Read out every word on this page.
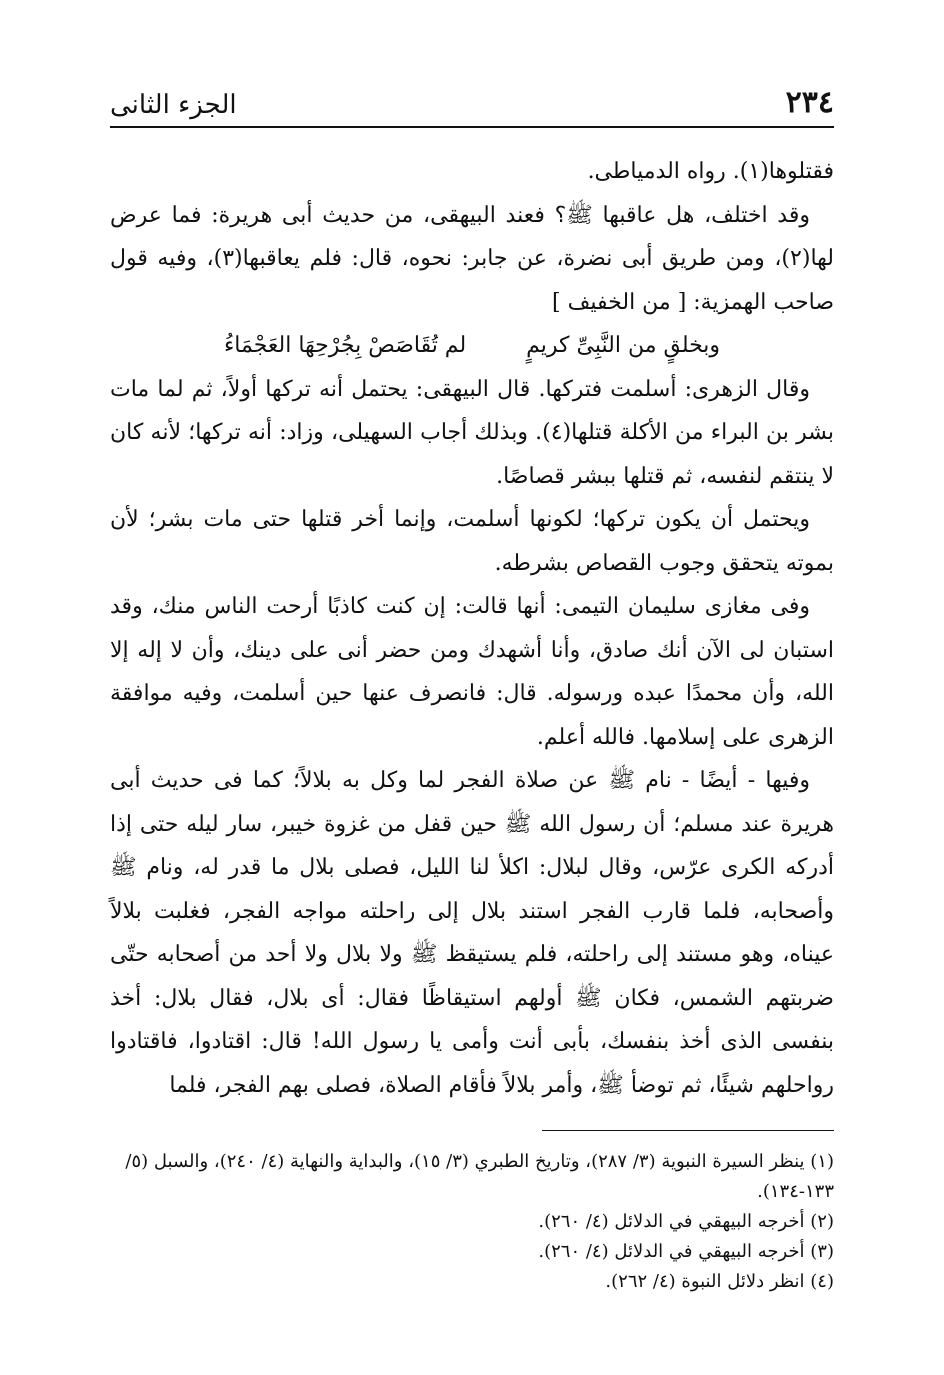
٢٣٤
الجزء الثانى

فقتلوها(١). رواه الدمياطى.

وقد اختلف، هل عاقبها ﷺ؟ فعند البيهقى، من حديث أبى هريرة: فما عرض لها(٢)، ومن طريق أبى نضرة، عن جابر: نحوه، قال: فلم يعاقبها(٣)، وفيه قول صاحب الهمزية: [ من الخفيف ]

وبخلقٍ من النَّبِىِّ كريمٍ
لم تُقَاصَصْ بِجُرْحِهَا العَجْمَاءُ

وقال الزهرى: أسلمت فتركها. قال البيهقى: يحتمل أنه تركها أولاً، ثم لما مات بشر بن البراء من الأكلة قتلها(٤). وبذلك أجاب السهيلى، وزاد: أنه تركها؛ لأنه كان لا ينتقم لنفسه، ثم قتلها ببشر قصاصًا.

ويحتمل أن يكون تركها؛ لكونها أسلمت، وإنما أخر قتلها حتى مات بشر؛ لأن بموته يتحقق وجوب القصاص بشرطه.

وفى مغازى سليمان التيمى: أنها قالت: إن كنت كاذبًا أرحت الناس منك، وقد استبان لى الآن أنك صادق، وأنا أشهدك ومن حضر أنى على دينك، وأن لا إله إلا الله، وأن محمدًا عبده ورسوله. قال: فانصرف عنها حين أسلمت، وفيه موافقة الزهرى على إسلامها. فالله أعلم.

وفيها - أيضًا - نام ﷺ عن صلاة الفجر لما وكل به بلالاً؛ كما فى حديث أبى هريرة عند مسلم؛ أن رسول الله ﷺ حين قفل من غزوة خيبر، سار ليله حتى إذا أدركه الكرى عرّس، وقال لبلال: اكلأ لنا الليل، فصلى بلال ما قدر له، ونام ﷺ وأصحابه، فلما قارب الفجر استند بلال إلى راحلته مواجه الفجر، فغلبت بلالاً عيناه، وهو مستند إلى راحلته، فلم يستيقظ ﷺ ولا بلال ولا أحد من أصحابه حتّى ضربتهم الشمس، فكان ﷺ أولهم استيقاظًا فقال: أى بلال، فقال بلال: أخذ بنفسى الذى أخذ بنفسك، بأبى أنت وأمى يا رسول الله! قال: اقتادوا، فاقتادوا رواحلهم شيئًا، ثم توضأ ﷺ، وأمر بلالاً فأقام الصلاة، فصلى بهم الفجر، فلما

(١) ينظر السيرة النبوية (٣/ ٢٨٧)، وتاريخ الطبري (٣/ ١٥)، والبداية والنهاية (٤/ ٢٤٠)، والسبل (٥/ ١٣٣-١٣٤).
(٢) أخرجه البيهقي في الدلائل (٤/ ٢٦٠).
(٣) أخرجه البيهقي في الدلائل (٤/ ٢٦٠).
(٤) انظر دلائل النبوة (٤/ ٢٦٢).
